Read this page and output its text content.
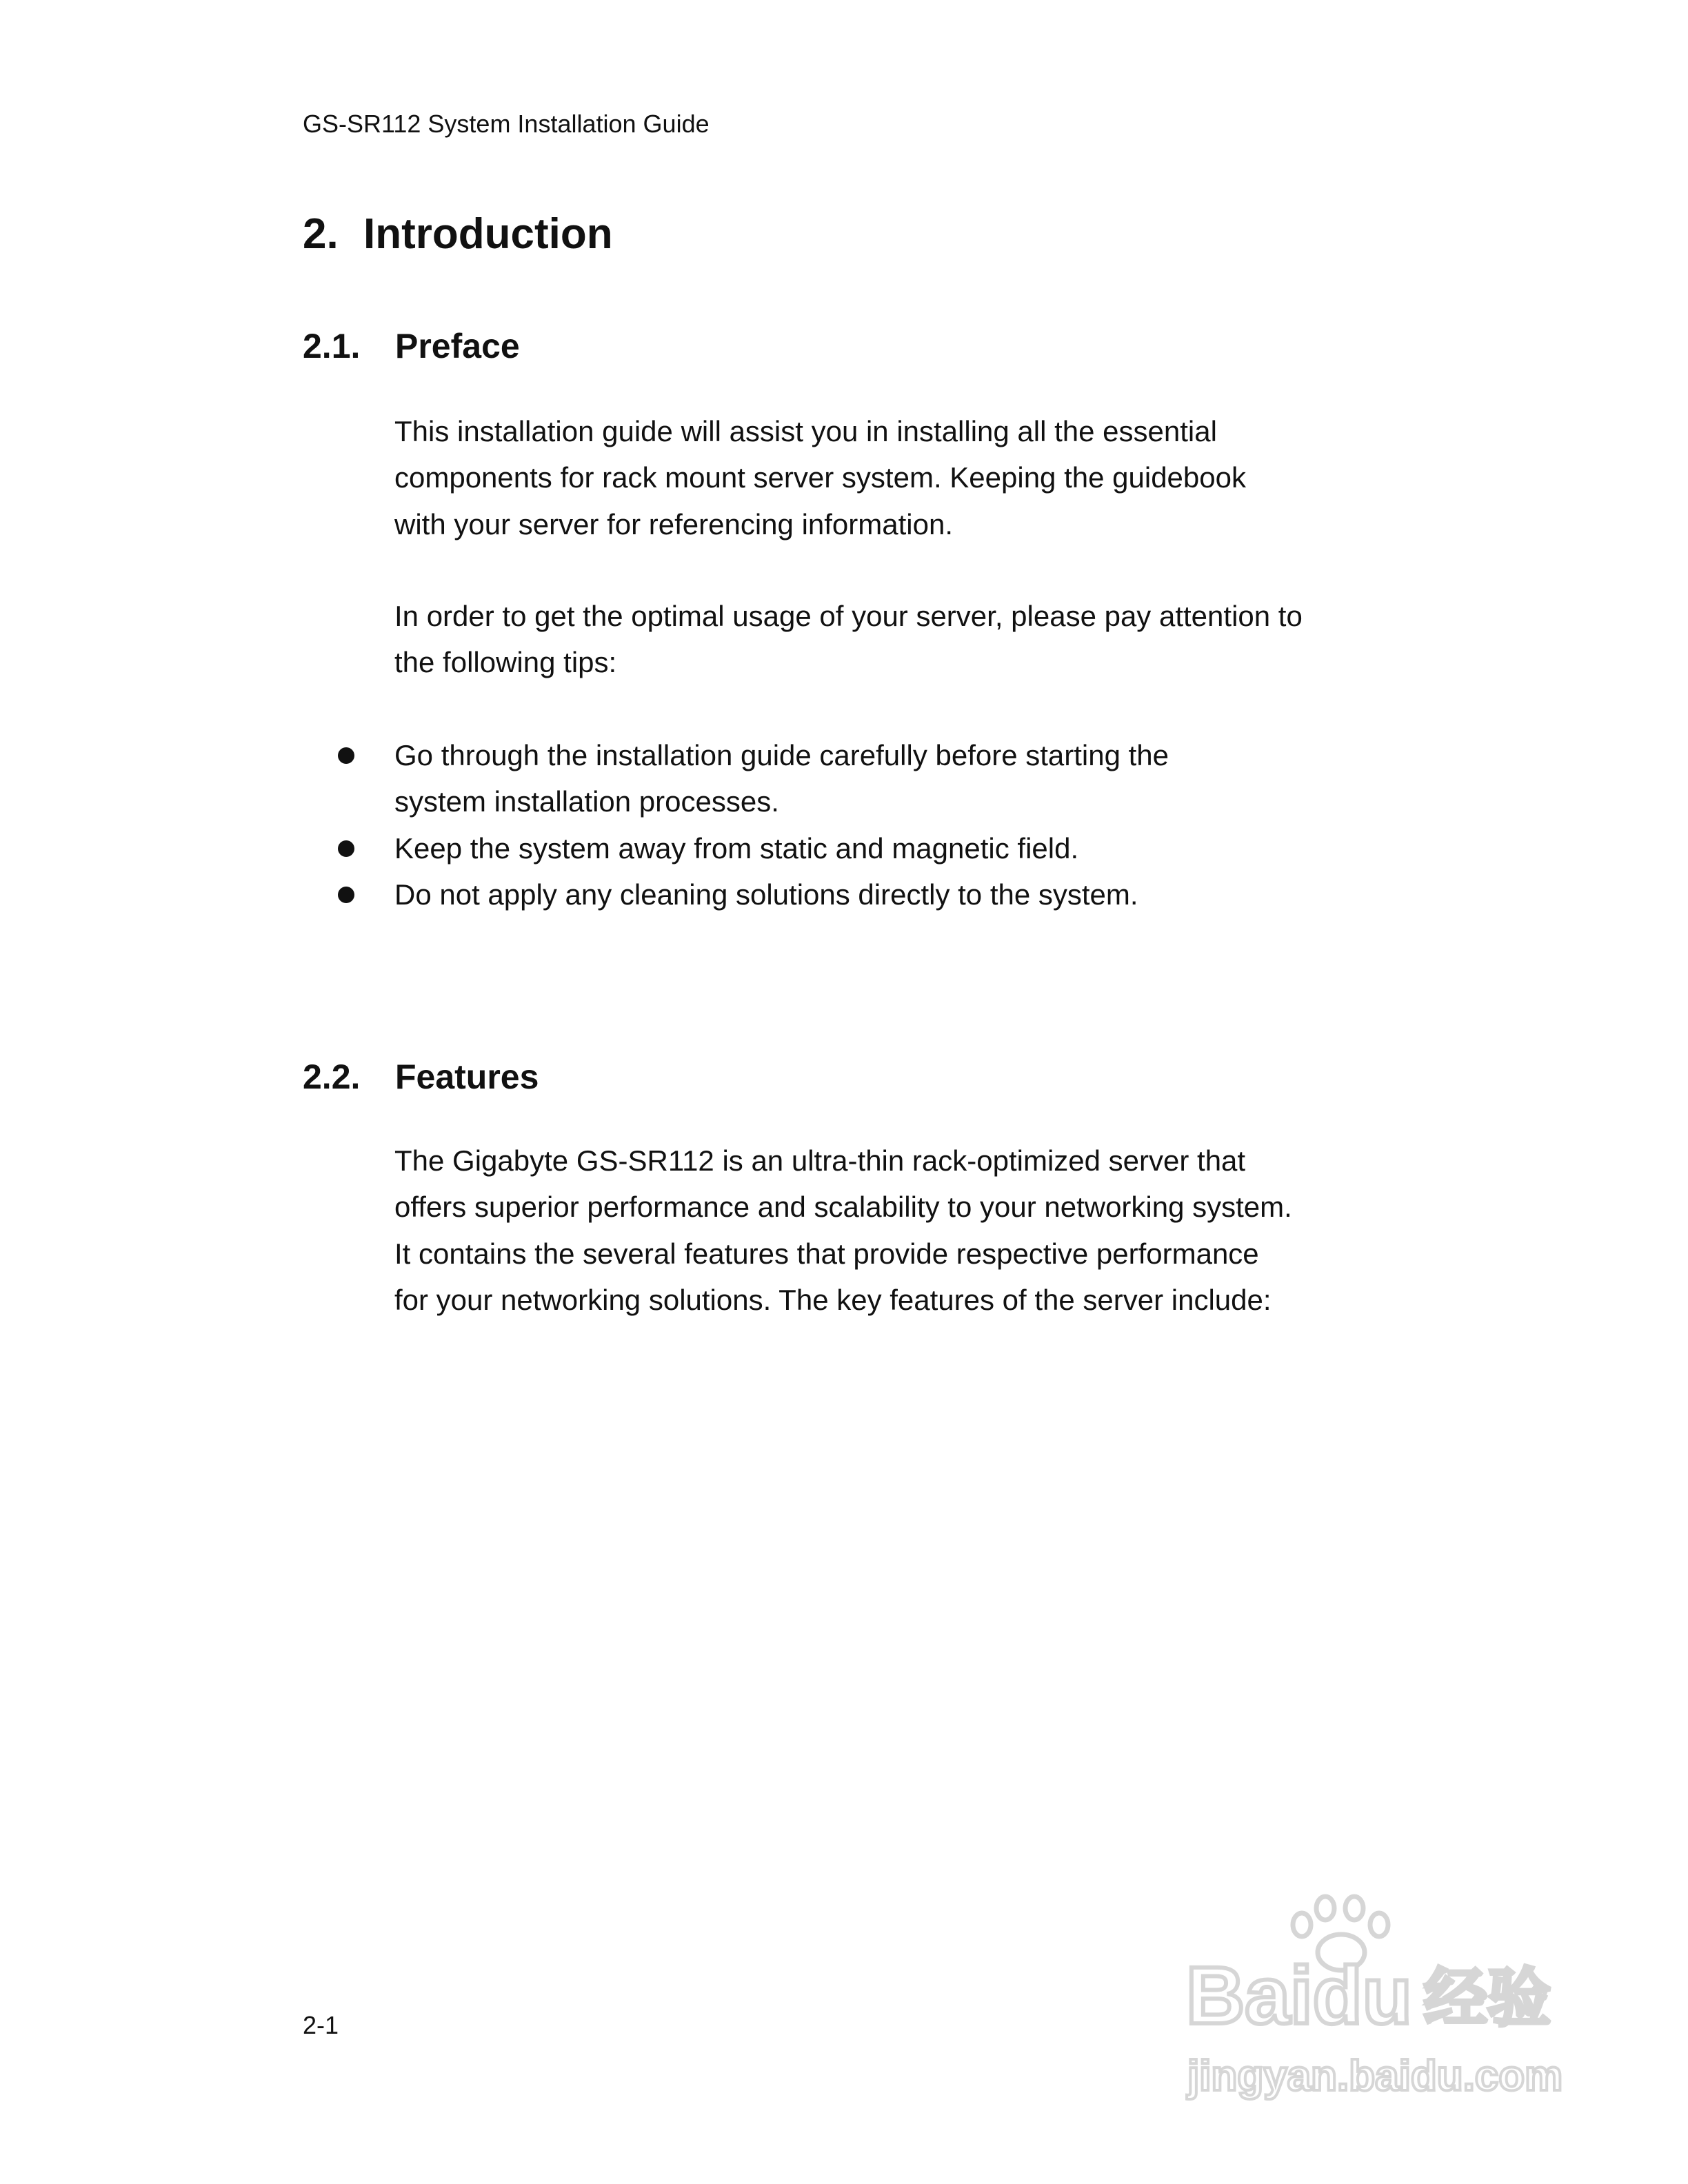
GS-SR112 System Installation Guide
2. Introduction
2.1. Preface
This installation guide will assist you in installing all the essential
components for rack mount server system. Keeping the guidebook
with your server for referencing information.
In order to get the optimal usage of your server, please pay attention to
the following tips:
Go through the installation guide carefully before starting the
system installation processes.
Keep the system away from static and magnetic field.
Do not apply any cleaning solutions directly to the system.
2.2. Features
The Gigabyte GS-SR112 is an ultra-thin rack-optimized server that
offers superior performance and scalability to your networking system.
It contains the several features that provide respective performance
for your networking solutions. The key features of the server include:
2-1	Baidu 经验
jingyan.baidu.com
